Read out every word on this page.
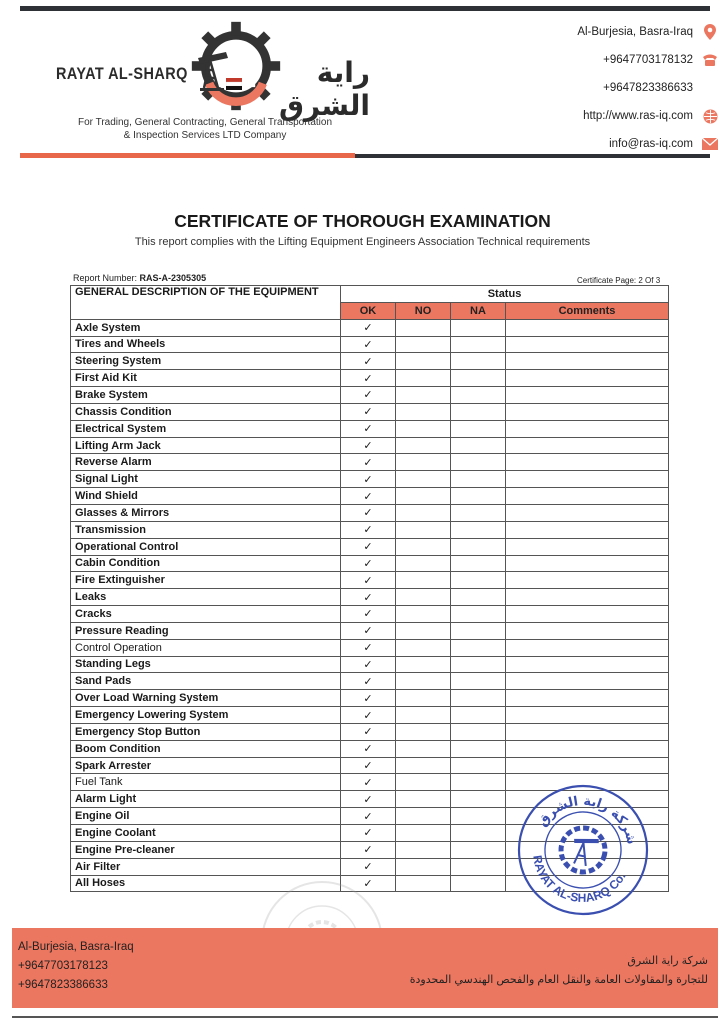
RAYAT AL-SHARQ	راية الشرق
For Trading, General Contracting, General Transportation
& Inspection Services LTD Company
Al-Burjesia, Basra-Iraq
+9647703178132
+9647823386633
http://www.ras-iq.com
info@ras-iq.com
CERTIFICATE OF THOROUGH EXAMINATION
This report complies with the Lifting Equipment Engineers Association Technical requirements
Report Number: RAS-A-2305305	Certificate Page: 2 Of 3
GENERAL DESCRIPTION OF THE EQUIPMENT	Status			
	OK	NO	NA	Comments
Axle System	✓			
Tires and Wheels	✓			
Steering System	✓			
First Aid Kit	✓			
Brake System	✓			
Chassis Condition	✓			
Electrical System	✓			
Lifting Arm Jack	✓			
Reverse Alarm	✓			
Signal Light	✓			
Wind Shield	✓			
Glasses & Mirrors	✓			
Transmission	✓			
Operational Control	✓			
Cabin Condition	✓			
Fire Extinguisher	✓			
Leaks	✓			
Cracks	✓			
Pressure Reading	✓			
Control Operation	✓			
Standing Legs	✓			
Sand Pads	✓			
Over Load Warning System	✓			
Emergency Lowering System	✓			
Emergency Stop Button	✓			
Boom Condition	✓			
Spark Arrester	✓			
Fuel Tank	✓			
Alarm Light	✓			
Engine Oil	✓			
Engine Coolant	✓			
Engine Pre-cleaner	✓			
Air Filter	✓			
All Hoses	✓			
شركة راية الشرق
RAYAT AL-SHARQ Co.
Al-Burjesia, Basra-Iraq
+9647703178123
+9647823386633
شركة راية الشرق
للتجارة والمقاولات العامة والنقل العام والفحص الهندسي المحدودة
